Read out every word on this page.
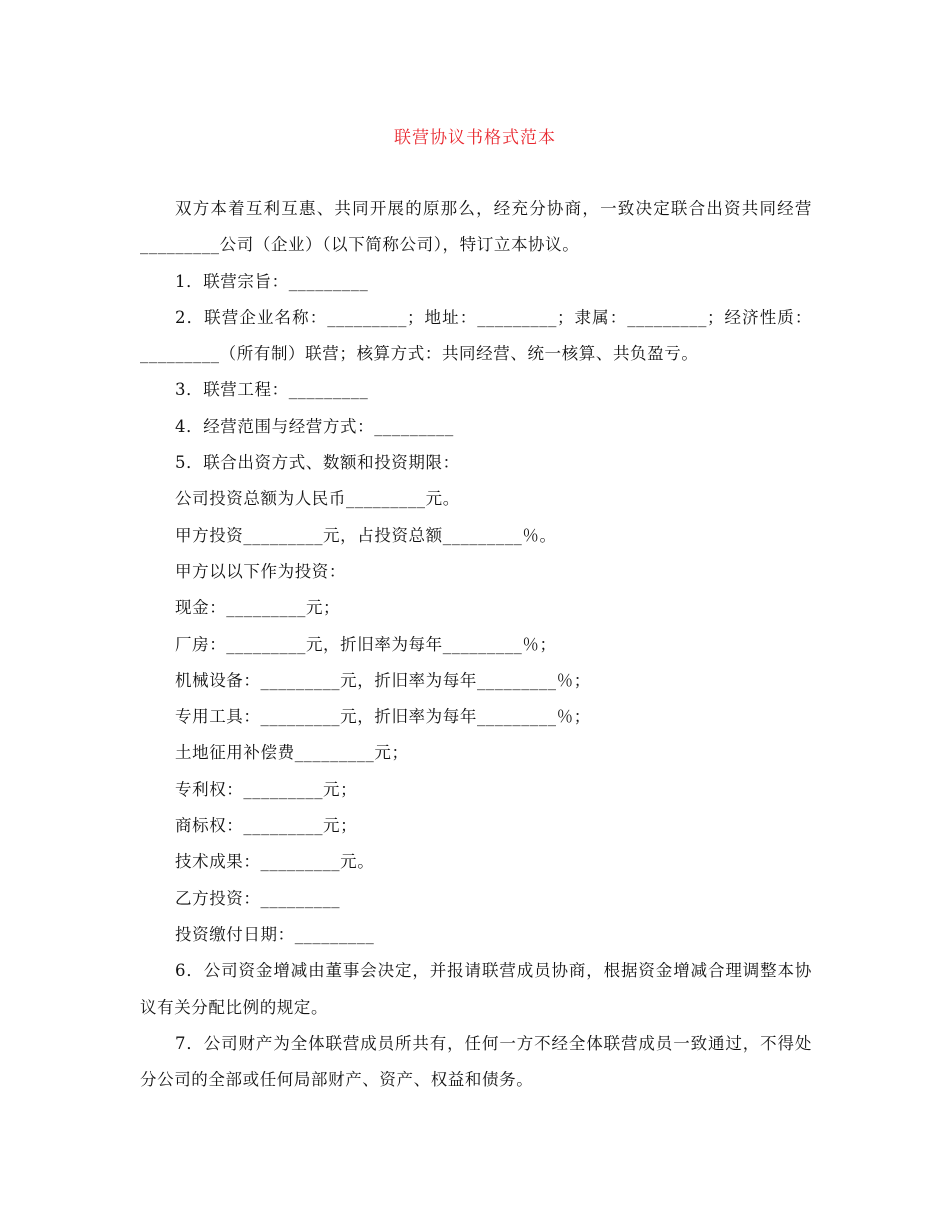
联营协议书格式范本

双方本着互利互惠、共同开展的原那么，经充分协商，一致决定联合出资共同经营_________公司（企业）（以下简称公司），特订立本协议。

1．联营宗旨：_________

2．联营企业名称：_________；地址：_________；隶属：_________；经济性质：_________（所有制）联营；核算方式：共同经营、统一核算、共负盈亏。

3．联营工程：_________

4．经营范围与经营方式：_________

5．联合出资方式、数额和投资期限：

公司投资总额为人民币_________元。

甲方投资_________元，占投资总额_________％。

甲方以以下作为投资：

现金：_________元；

厂房：_________元，折旧率为每年_________％；

机械设备：_________元，折旧率为每年_________％；

专用工具：_________元，折旧率为每年_________％；

土地征用补偿费_________元；

专利权：_________元；

商标权：_________元；

技术成果：_________元。

乙方投资：_________

投资缴付日期：_________

6．公司资金增减由董事会决定，并报请联营成员协商，根据资金增减合理调整本协议有关分配比例的规定。

7．公司财产为全体联营成员所共有，任何一方不经全体联营成员一致通过，不得处分公司的全部或任何局部财产、资产、权益和债务。
